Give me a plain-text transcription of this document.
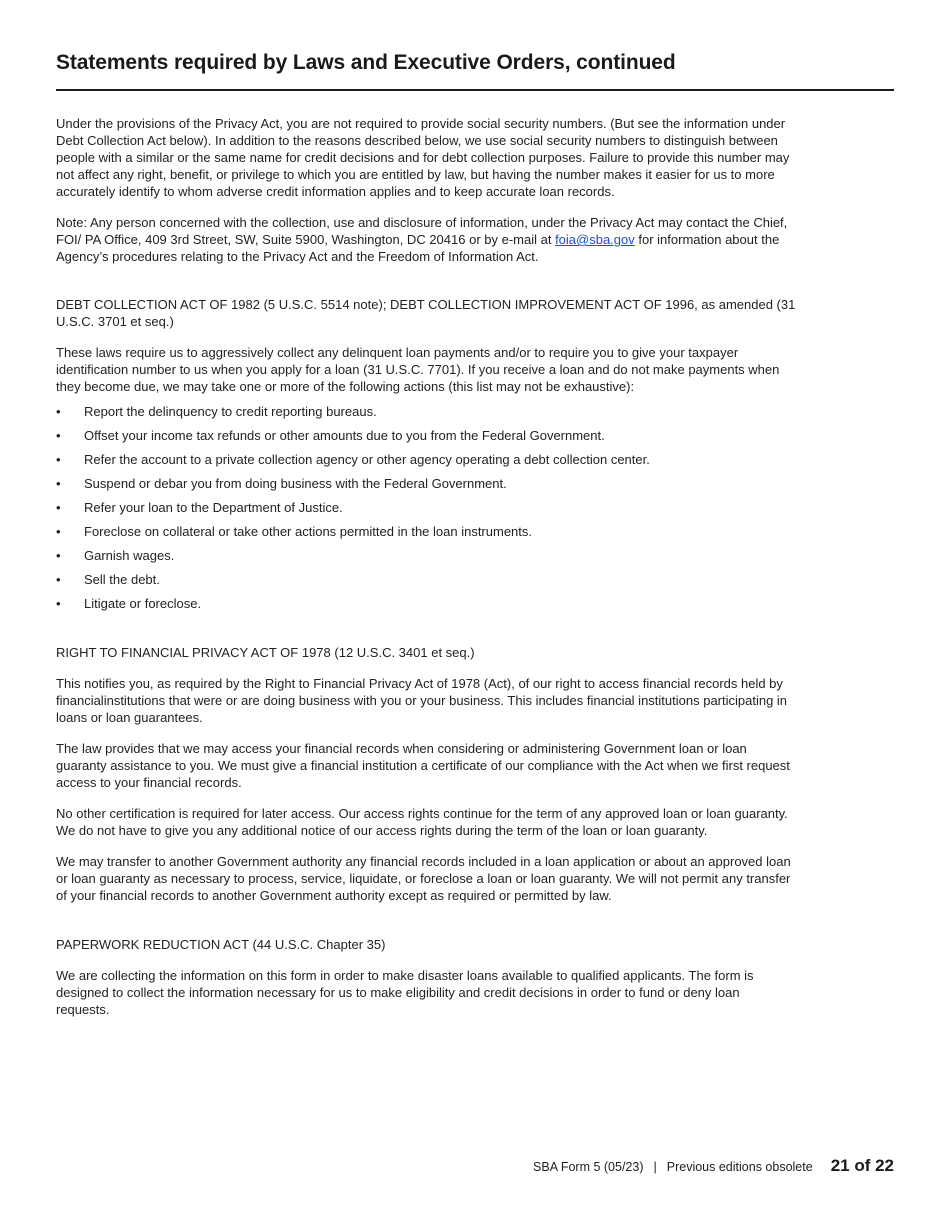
Statements required by Laws and Executive Orders, continued

Under the provisions of the Privacy Act, you are not required to provide social security numbers. (But see the information under Debt Collection Act below). In addition to the reasons described below, we use social security numbers to distinguish between people with a similar or the same name for credit decisions and for debt collection purposes. Failure to provide this number may not affect any right, benefit, or privilege to which you are entitled by law, but having the number makes it easier for us to more accurately identify to whom adverse credit information applies and to keep accurate loan records.

Note: Any person concerned with the collection, use and disclosure of information, under the Privacy Act may contact the Chief, FOI/ PA Office, 409 3rd Street, SW, Suite 5900, Washington, DC 20416 or by e-mail at foia@sba.gov for information about the Agency’s procedures relating to the Privacy Act and the Freedom of Information Act.

DEBT COLLECTION ACT OF 1982 (5 U.S.C. 5514 note); DEBT COLLECTION IMPROVEMENT ACT OF 1996, as amended (31 U.S.C. 3701 et seq.)

These laws require us to aggressively collect any delinquent loan payments and/or to require you to give your taxpayer identification number to us when you apply for a loan (31 U.S.C. 7701). If you receive a loan and do not make payments when they become due, we may take one or more of the following actions (this list may not be exhaustive):

• Report the delinquency to credit reporting bureaus.
• Offset your income tax refunds or other amounts due to you from the Federal Government.
• Refer the account to a private collection agency or other agency operating a debt collection center.
• Suspend or debar you from doing business with the Federal Government.
• Refer your loan to the Department of Justice.
• Foreclose on collateral or take other actions permitted in the loan instruments.
• Garnish wages.
• Sell the debt.
• Litigate or foreclose.

RIGHT TO FINANCIAL PRIVACY ACT OF 1978 (12 U.S.C. 3401 et seq.)

This notifies you, as required by the Right to Financial Privacy Act of 1978 (Act), of our right to access financial records held by financialinstitutions that were or are doing business with you or your business. This includes financial institutions participating in loans or loan guarantees.

The law provides that we may access your financial records when considering or administering Government loan or loan guaranty assistance to you. We must give a financial institution a certificate of our compliance with the Act when we first request access to your financial records.

No other certification is required for later access. Our access rights continue for the term of any approved loan or loan guaranty. We do not have to give you any additional notice of our access rights during the term of the loan or loan guaranty.

We may transfer to another Government authority any financial records included in a loan application or about an approved loan or loan guaranty as necessary to process, service, liquidate, or foreclose a loan or loan guaranty. We will not permit any transfer of your financial records to another Government authority except as required or permitted by law.

PAPERWORK REDUCTION ACT (44 U.S.C. Chapter 35)

We are collecting the information on this form in order to make disaster loans available to qualified applicants. The form is designed to collect the information necessary for us to make eligibility and credit decisions in order to fund or deny loan requests.

SBA Form 5 (05/23) | Previous editions obsolete 21 of 22
